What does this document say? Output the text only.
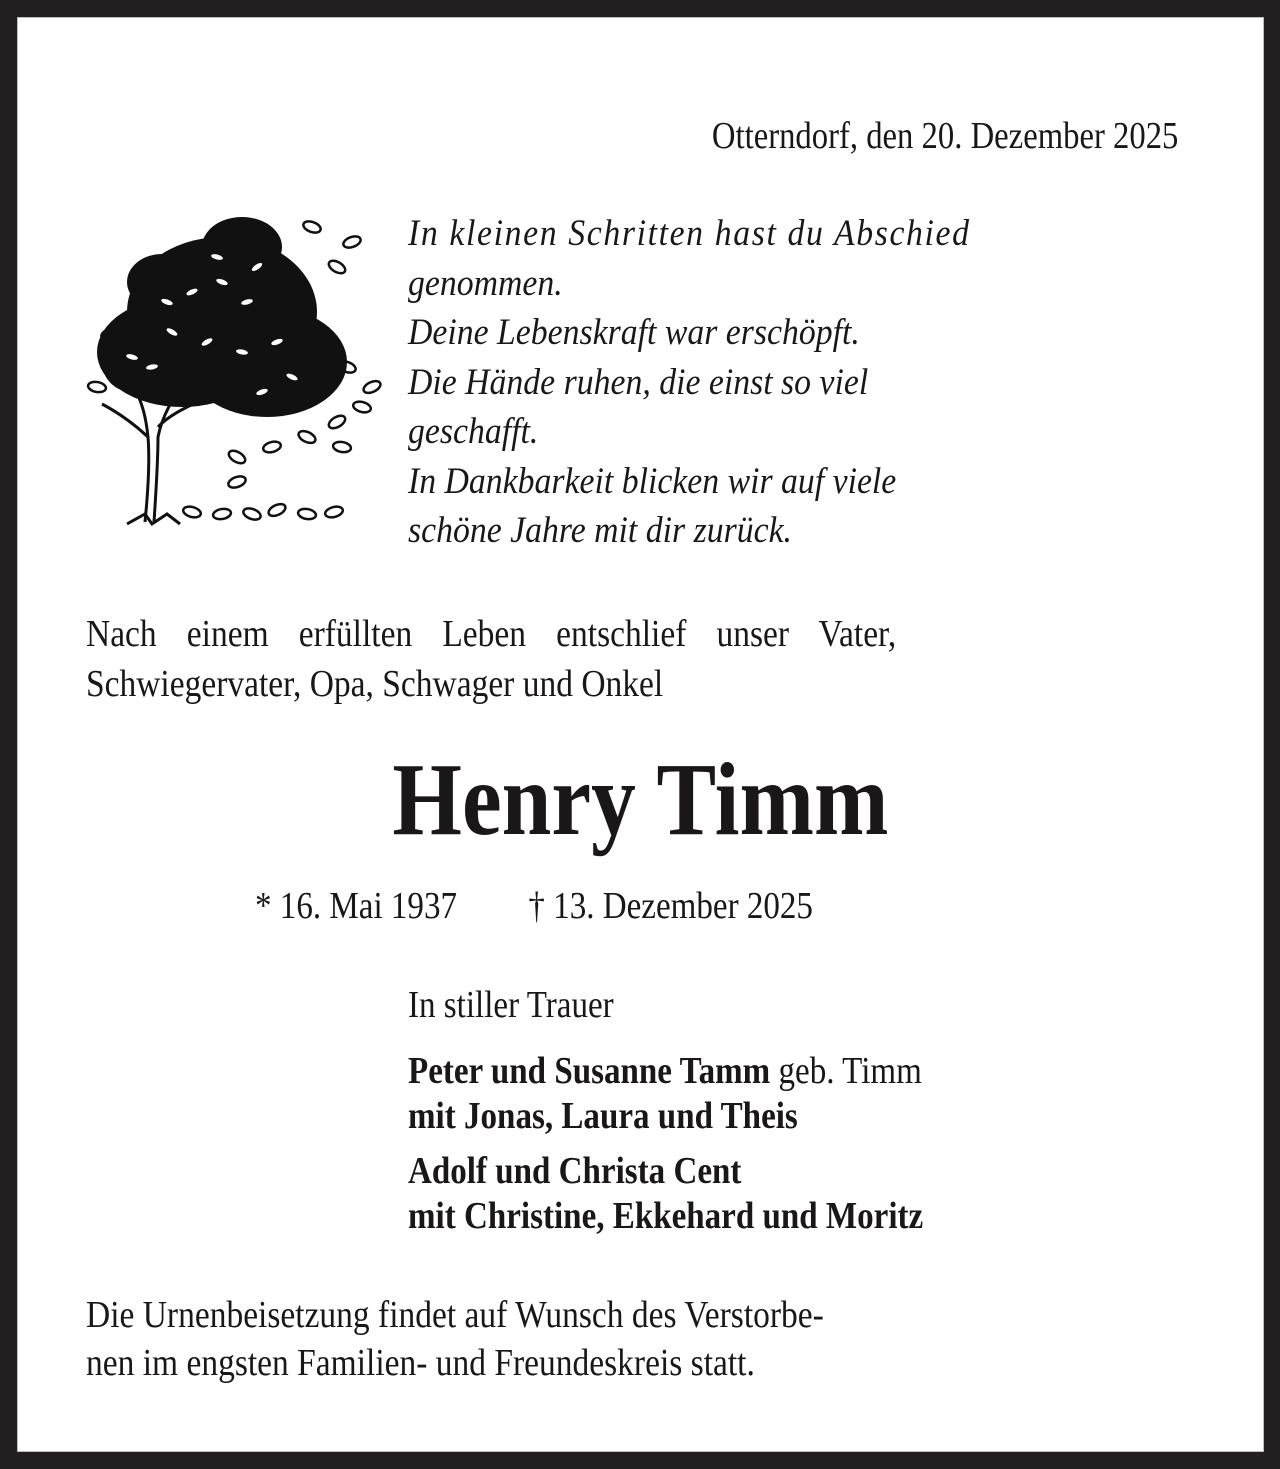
Otterndorf, den 20. Dezember 2025
In kleinen Schritten hast du Abschied
genommen.
Deine Lebenskraft war erschöpft.
Die Hände ruhen, die einst so viel
geschafft.
In Dankbarkeit blicken wir auf viele
schöne Jahre mit dir zurück.
Nach einem erfüllten Leben entschlief unser Vater,
Schwiegervater, Opa, Schwager und Onkel
Henry Timm
* 16. Mai 1937 † 13. Dezember 2025
In stiller Trauer
Peter und Susanne Tamm geb. Timm
mit Jonas, Laura und Theis
Adolf und Christa Cent
mit Christine, Ekkehard und Moritz
Die Urnenbeisetzung findet auf Wunsch des Verstorbe-
nen im engsten Familien- und Freundeskreis statt.
